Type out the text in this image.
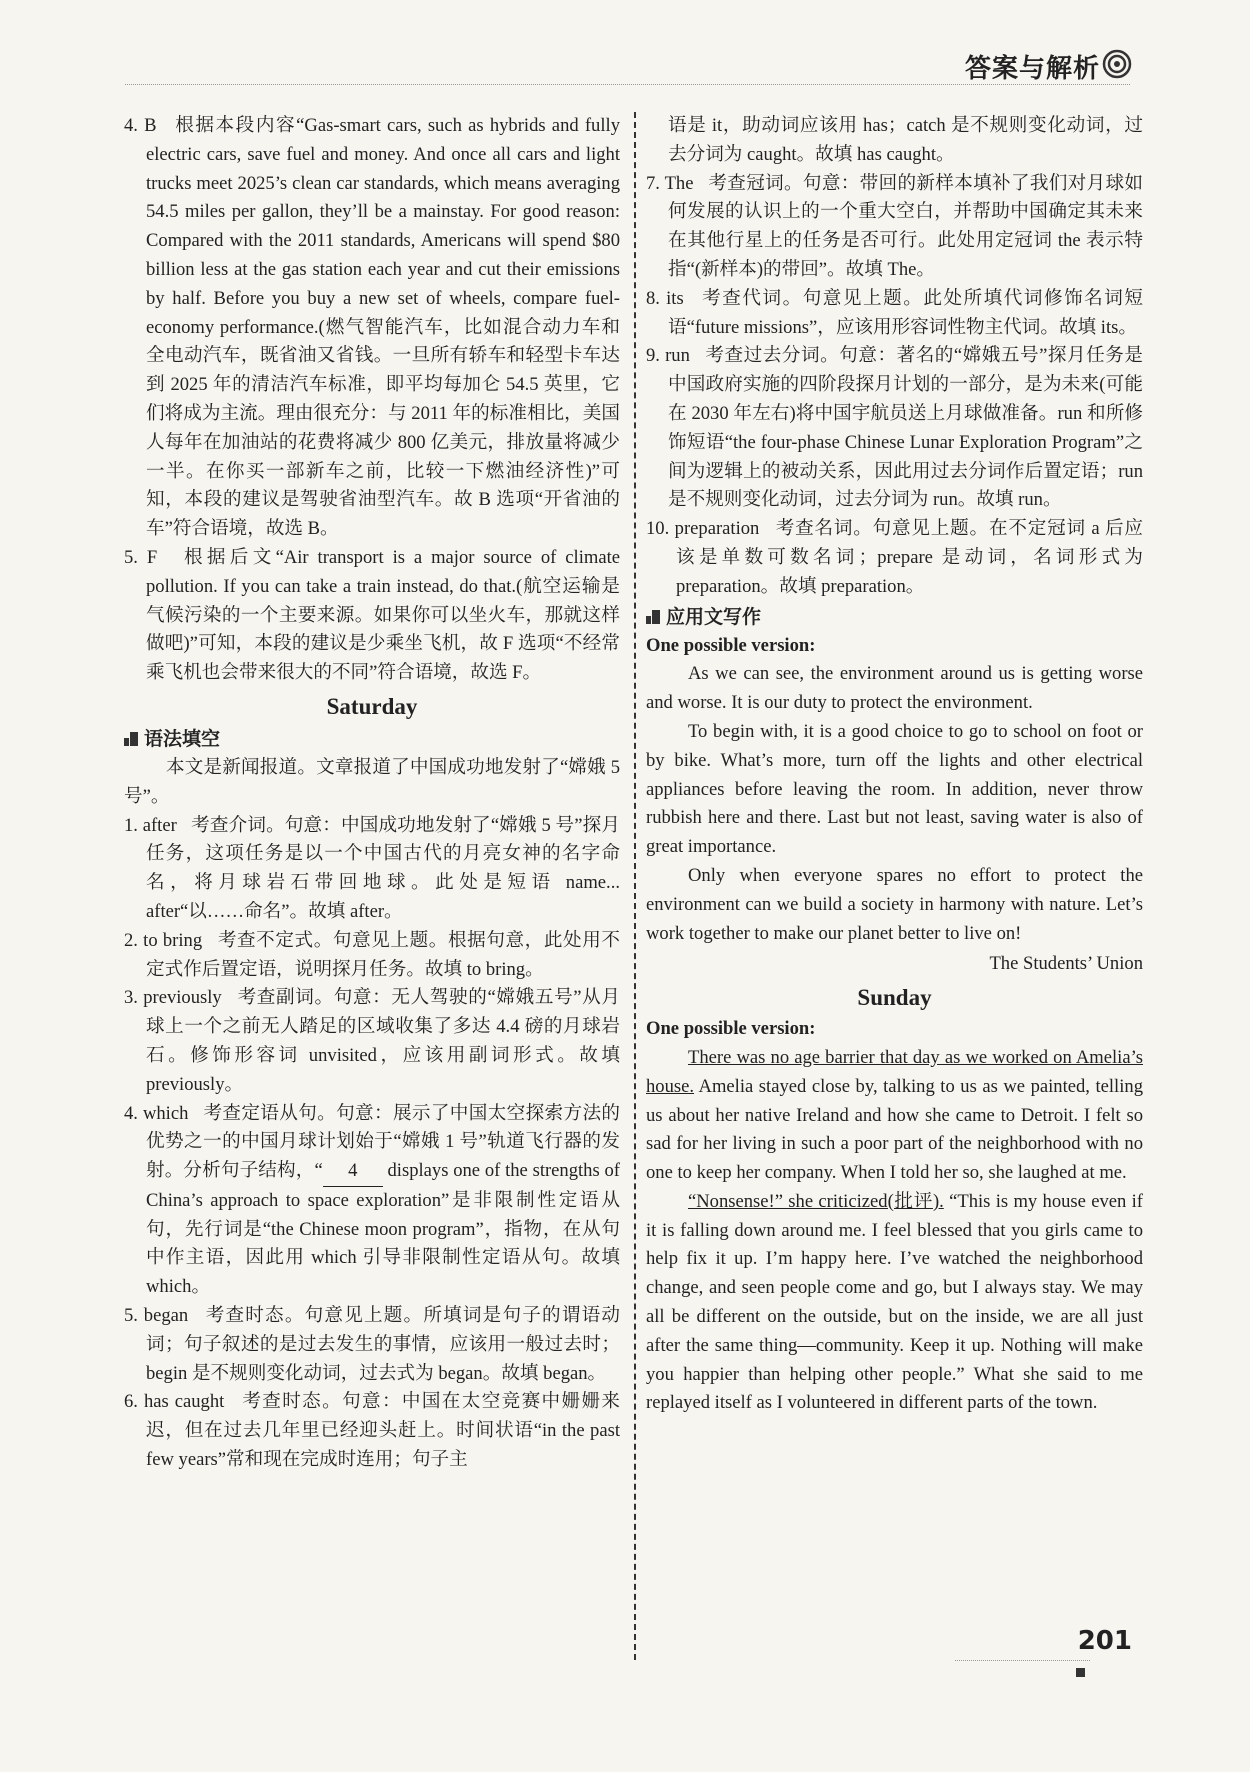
答案与解析

4. B 根据本段内容“Gas-smart cars, such as hybrids and fully electric cars, save fuel and money. And once all cars and light trucks meet 2025’s clean car standards, which means averaging 54.5 miles per gallon, they’ll be a mainstay. For good reason: Compared with the 2011 standards, Americans will spend $80 billion less at the gas station each year and cut their emissions by half. Before you buy a new set of wheels, compare fuel-economy performance.(燃气智能汽车，比如混合动力车和全电动汽车，既省油又省钱。一旦所有轿车和轻型卡车达到 2025 年的清洁汽车标准，即平均每加仑 54.5 英里，它们将成为主流。理由很充分：与 2011 年的标准相比，美国人每年在加油站的花费将减少 800 亿美元，排放量将减少一半。在你买一部新车之前，比较一下燃油经济性)”可知，本段的建议是驾驶省油型汽车。故 B 选项“开省油的车”符合语境，故选 B。

5. F 根据后文“Air transport is a major source of climate pollution. If you can take a train instead, do that.(航空运输是气候污染的一个主要来源。如果你可以坐火车，那就这样做吧)”可知，本段的建议是少乘坐飞机，故 F 选项“不经常乘飞机也会带来很大的不同”符合语境，故选 F。

Saturday

语法填空

本文是新闻报道。文章报道了中国成功地发射了“嫦娥 5 号”。

1. after 考查介词。句意：中国成功地发射了“嫦娥 5 号”探月任务，这项任务是以一个中国古代的月亮女神的名字命名，将月球岩石带回地球。此处是短语 name... after“以……命名”。故填 after。

2. to bring 考查不定式。句意见上题。根据句意，此处用不定式作后置定语，说明探月任务。故填 to bring。

3. previously 考查副词。句意：无人驾驶的“嫦娥五号”从月球上一个之前无人踏足的区域收集了多达 4.4 磅的月球岩石。修饰形容词 unvisited，应该用副词形式。故填 previously。

4. which 考查定语从句。句意：展示了中国太空探索方法的优势之一的中国月球计划始于“嫦娥 1 号”轨道飞行器的发射。分析句子结构，“ 4 displays one of the strengths of China’s approach to space exploration”是非限制性定语从句，先行词是“the Chinese moon program”，指物，在从句中作主语，因此用 which 引导非限制性定语从句。故填 which。

5. began 考查时态。句意见上题。所填词是句子的谓语动词；句子叙述的是过去发生的事情，应该用一般过去时；begin 是不规则变化动词，过去式为 began。故填 began。

6. has caught 考查时态。句意：中国在太空竞赛中姗姗来迟，但在过去几年里已经迎头赶上。时间状语“in the past few years”常和现在完成时连用；句子主

语是 it，助动词应该用 has；catch 是不规则变化动词，过去分词为 caught。故填 has caught。

7. The 考查冠词。句意：带回的新样本填补了我们对月球如何发展的认识上的一个重大空白，并帮助中国确定其未来在其他行星上的任务是否可行。此处用定冠词 the 表示特指“(新样本)的带回”。故填 The。

8. its 考查代词。句意见上题。此处所填代词修饰名词短语“future missions”，应该用形容词性物主代词。故填 its。

9. run 考查过去分词。句意：著名的“嫦娥五号”探月任务是中国政府实施的四阶段探月计划的一部分，是为未来(可能在 2030 年左右)将中国宇航员送上月球做准备。run 和所修饰短语“the four-phase Chinese Lunar Exploration Program”之间为逻辑上的被动关系，因此用过去分词作后置定语；run 是不规则变化动词，过去分词为 run。故填 run。

10. preparation 考查名词。句意见上题。在不定冠词 a 后应该是单数可数名词；prepare 是动词，名词形式为 preparation。故填 preparation。

应用文写作

One possible version:

As we can see, the environment around us is getting worse and worse. It is our duty to protect the environment.

To begin with, it is a good choice to go to school on foot or by bike. What’s more, turn off the lights and other electrical appliances before leaving the room. In addition, never throw rubbish here and there. Last but not least, saving water is also of great importance.

Only when everyone spares no effort to protect the environment can we build a society in harmony with nature. Let’s work together to make our planet better to live on!

The Students’ Union

Sunday

One possible version:

There was no age barrier that day as we worked on Amelia’s house. Amelia stayed close by, talking to us as we painted, telling us about her native Ireland and how she came to Detroit. I felt so sad for her living in such a poor part of the neighborhood with no one to keep her company. When I told her so, she laughed at me.

“Nonsense!” she criticized(批评). “This is my house even if it is falling down around me. I feel blessed that you girls came to help fix it up. I’m happy here. I’ve watched the neighborhood change, and seen people come and go, but I always stay. We may all be different on the outside, but on the inside, we are all just after the same thing—community. Keep it up. Nothing will make you happier than helping other people.” What she said to me replayed itself as I volunteered in different parts of the town.

201
